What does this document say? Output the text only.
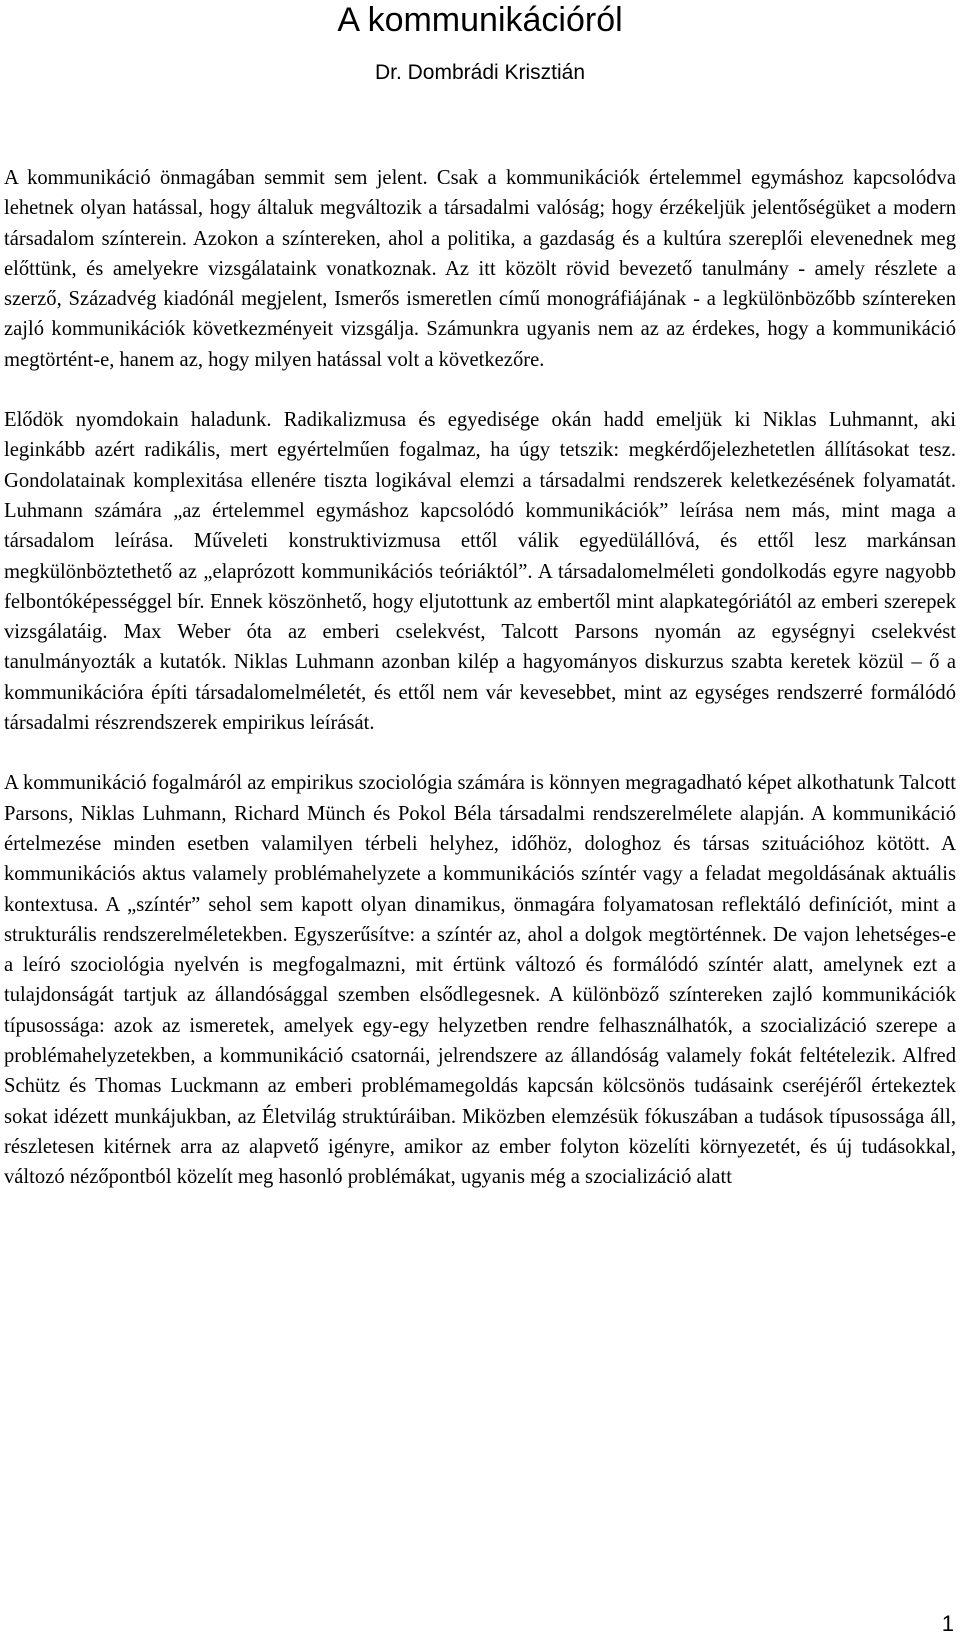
A kommunikációról
Dr. Dombrádi Krisztián

A kommunikáció önmagában semmit sem jelent. Csak a kommunikációk értelemmel egymáshoz kapcsolódva lehetnek olyan hatással, hogy általuk megváltozik a társadalmi valóság; hogy érzékeljük jelentőségüket a modern társadalom színterein. Azokon a színtereken, ahol a politika, a gazdaság és a kultúra szereplői elevenednek meg előttünk, és amelyekre vizsgálataink vonatkoznak. Az itt közölt rövid bevezető tanulmány - amely részlete a szerző, Századvég kiadónál megjelent, Ismerős ismeretlen című monográfiájának - a legkülönbözőbb színtereken zajló kommunikációk következményeit vizsgálja. Számunkra ugyanis nem az az érdekes, hogy a kommunikáció megtörtént-e, hanem az, hogy milyen hatással volt a következőre.

Elődök nyomdokain haladunk. Radikalizmusa és egyedisége okán hadd emeljük ki Niklas Luhmannt, aki leginkább azért radikális, mert egyértelműen fogalmaz, ha úgy tetszik: megkérdőjelezhetetlen állításokat tesz. Gondolatainak komplexitása ellenére tiszta logikával elemzi a társadalmi rendszerek keletkezésének folyamatát. Luhmann számára „az értelemmel egymáshoz kapcsolódó kommunikációk” leírása nem más, mint maga a társadalom leírása. Műveleti konstruktivizmusa ettől válik egyedülállóvá, és ettől lesz markánsan megkülönböztethető az „elaprózott kommunikációs teóriáktól”. A társadalomelméleti gondolkodás egyre nagyobb felbontóképességgel bír. Ennek köszönhető, hogy eljutottunk az embertől mint alapkategóriától az emberi szerepek vizsgálatáig. Max Weber óta az emberi cselekvést, Talcott Parsons nyomán az egységnyi cselekvést tanulmányozták a kutatók. Niklas Luhmann azonban kilép a hagyományos diskurzus szabta keretek közül – ő a kommunikációra építi társadalomelméletét, és ettől nem vár kevesebbet, mint az egységes rendszerré formálódó társadalmi részrendszerek empirikus leírását.

A kommunikáció fogalmáról az empirikus szociológia számára is könnyen megragadható képet alkothatunk Talcott Parsons, Niklas Luhmann, Richard Münch és Pokol Béla társadalmi rendszerelmélete alapján. A kommunikáció értelmezése minden esetben valamilyen térbeli helyhez, időhöz, dologhoz és társas szituációhoz kötött. A kommunikációs aktus valamely problémahelyzete a kommunikációs színtér vagy a feladat megoldásának aktuális kontextusa. A „színtér” sehol sem kapott olyan dinamikus, önmagára folyamatosan reflektáló definíciót, mint a strukturális rendszerelméletekben. Egyszerűsítve: a színtér az, ahol a dolgok megtörténnek. De vajon lehetséges-e a leíró szociológia nyelvén is megfogalmazni, mit értünk változó és formálódó színtér alatt, amelynek ezt a tulajdonságát tartjuk az állandósággal szemben elsődlegesnek. A különböző színtereken zajló kommunikációk típusossága: azok az ismeretek, amelyek egy-egy helyzetben rendre felhasználhatók, a szocializáció szerepe a problémahelyzetekben, a kommunikáció csatornái, jelrendszere az állandóság valamely fokát feltételezik. Alfred Schütz és Thomas Luckmann az emberi problémamegoldás kapcsán kölcsönös tudásaink cseréjéről értekeztek sokat idézett munkájukban, az Életvilág struktúráiban. Miközben elemzésük fókuszában a tudások típusossága áll, részletesen kitérnek arra az alapvető igényre, amikor az ember folyton közelíti környezetét, és új tudásokkal, változó nézőpontból közelít meg hasonló problémákat, ugyanis még a szocializáció alatt

1
